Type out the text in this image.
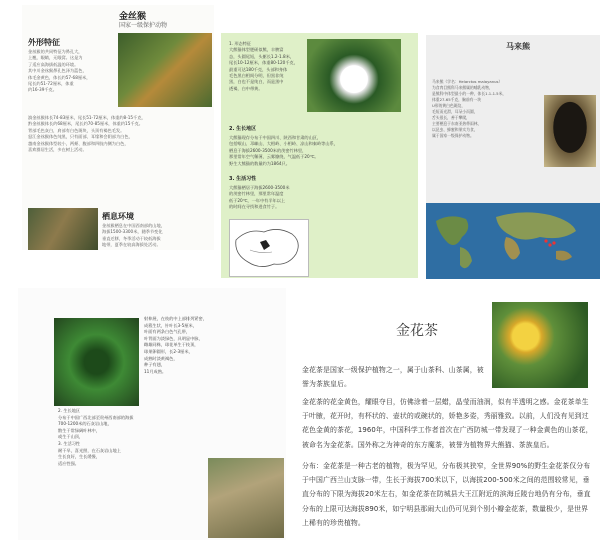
金丝猴
国家一级保护动物
外形特征
金丝猴的共同特征为鼻孔大，
上翘，眼睛，无眼窝。这是为
了适应高海拔低温的环境。
其中川金丝猴鼻孔色泽为蓝色，
体毛金黄色，体长约57-68厘米，
尾长约51-72厘米，体重
约16-39千克。
滇金丝猴体长74-83厘米，尾长51-72厘米，体重约8-15千克，
黔金丝猴体长约68厘米，尾长约70-85厘米，体重约15千克。
背部毛色灰白，肩部有白色斑块，头顶有褐色毛发。
怒江金丝猴体色纯黑，只有面部、耳缘和会阴部为白色，
越南金丝猴体型较小，两颊、腹部和四肢内侧为白色，
喜欢群居生活，多在树上活动。
栖息环境
金丝猴栖息在中国西南部的山地，
海拔1500-3300米，随季节变化
垂直迁移，冬季活动于较低海拔
地带，夏季在较高海拔处活动。
1. 形态特征
大熊猫体型肥硕似熊，丰腴富
态，头圆尾短，头躯长1.2-1.8米，
尾长10-12厘米，体重80-120千克，
最重可达180千克，头部和身体
毛色黑白相间分明，但黑非纯
黑，白也不是纯白，而是黑中
透褐，白中带黄。
2. 生长地区
大熊猫现存分布于中国四川、陕西和甘肃的山区，
包括岷山、邛崃山、大相岭、小相岭、凉山和秦岭等山系，
栖息于海拔2600-3500米的茂密竹林里，
那里常年空气稀薄，云雾缭绕，气温低于20℃。
野生大熊猫的数量约为1864只。
3. 生活习性
大熊猫栖居于海拔2600-3500米
的茂密竹林里，那里常年温度
低于20℃，一年中有半年以上
的时间在寻找和进食竹子。
马来熊
马来熊（学名：Helarctos malayanus）
为食肉目熊科马来熊属的哺乳动物，
是熊科中体型最小的一种，体长1.1-1.5米，
体重27-65千克，胸前有一块
U形的黄白色斑纹，
毛短而光滑，耳朵小而圆，
舌头很长，善于攀爬，
主要栖息于东南亚热带雨林，
以昆虫、蜂蜜和果实为食，
属于国家一级保护动物。
射伸展，在枝的中上部排列紧密，
成簇生状，针叶长3-5厘米，
叶面有两条白色气孔带，
叶背面为淡绿色，具明显中脉，
雌雄同株，球花单生于枝顶，
球果卵圆形，长2-3厘米，
成熟时淡黄褐色，
种子有翅，
11月成熟。
2. 生长地区
分布于中国广西北部至贵州西南部的海拔
700-1200米的石灰岩山地，
散生于常绿阔叶林中，
或生于山顶，
3. 生活习性
耐干旱，喜光照，在石灰岩山地上
生长良好，生长缓慢，
适应性强。
金花茶

金花茶是国家一级保护植物之一，属于山茶科、山茶属，被誉为茶族皇后。

金花茶的花金黄色，耀眼夺目，仿佛涂着一层蜡，晶莹而油润，似有半透明之感。金花茶单生于叶腋，花开时，有杯状的、壶状的或碗状的，娇艳多姿，秀丽雅致。以前，人们没有见到过花色金黄的茶花，1960年，中国科学工作者首次在广西防城一带发现了一种金黄色的山茶花，被命名为金花茶。国外称之为神奇的东方魔茶，被誉为植物界大熊猫、茶族皇后。

分布：金花茶是一种古老的植物，极为罕见，分布极其狭窄，全世界90%的野生金花茶仅分布于中国广西兰山支脉一带，生长于海拔700米以下，以海拔200-500米之间的范围较常见，垂直分布的下限为海拔20米左右，如金花茶在防城县大王江附近的滨海丘陵台地仍有分布，垂直分布的上限可达海拔890米，如宁明县那闹大山仍可见到个别小瓣金花茶，数量极少，是世界上稀有的珍贵植物。
